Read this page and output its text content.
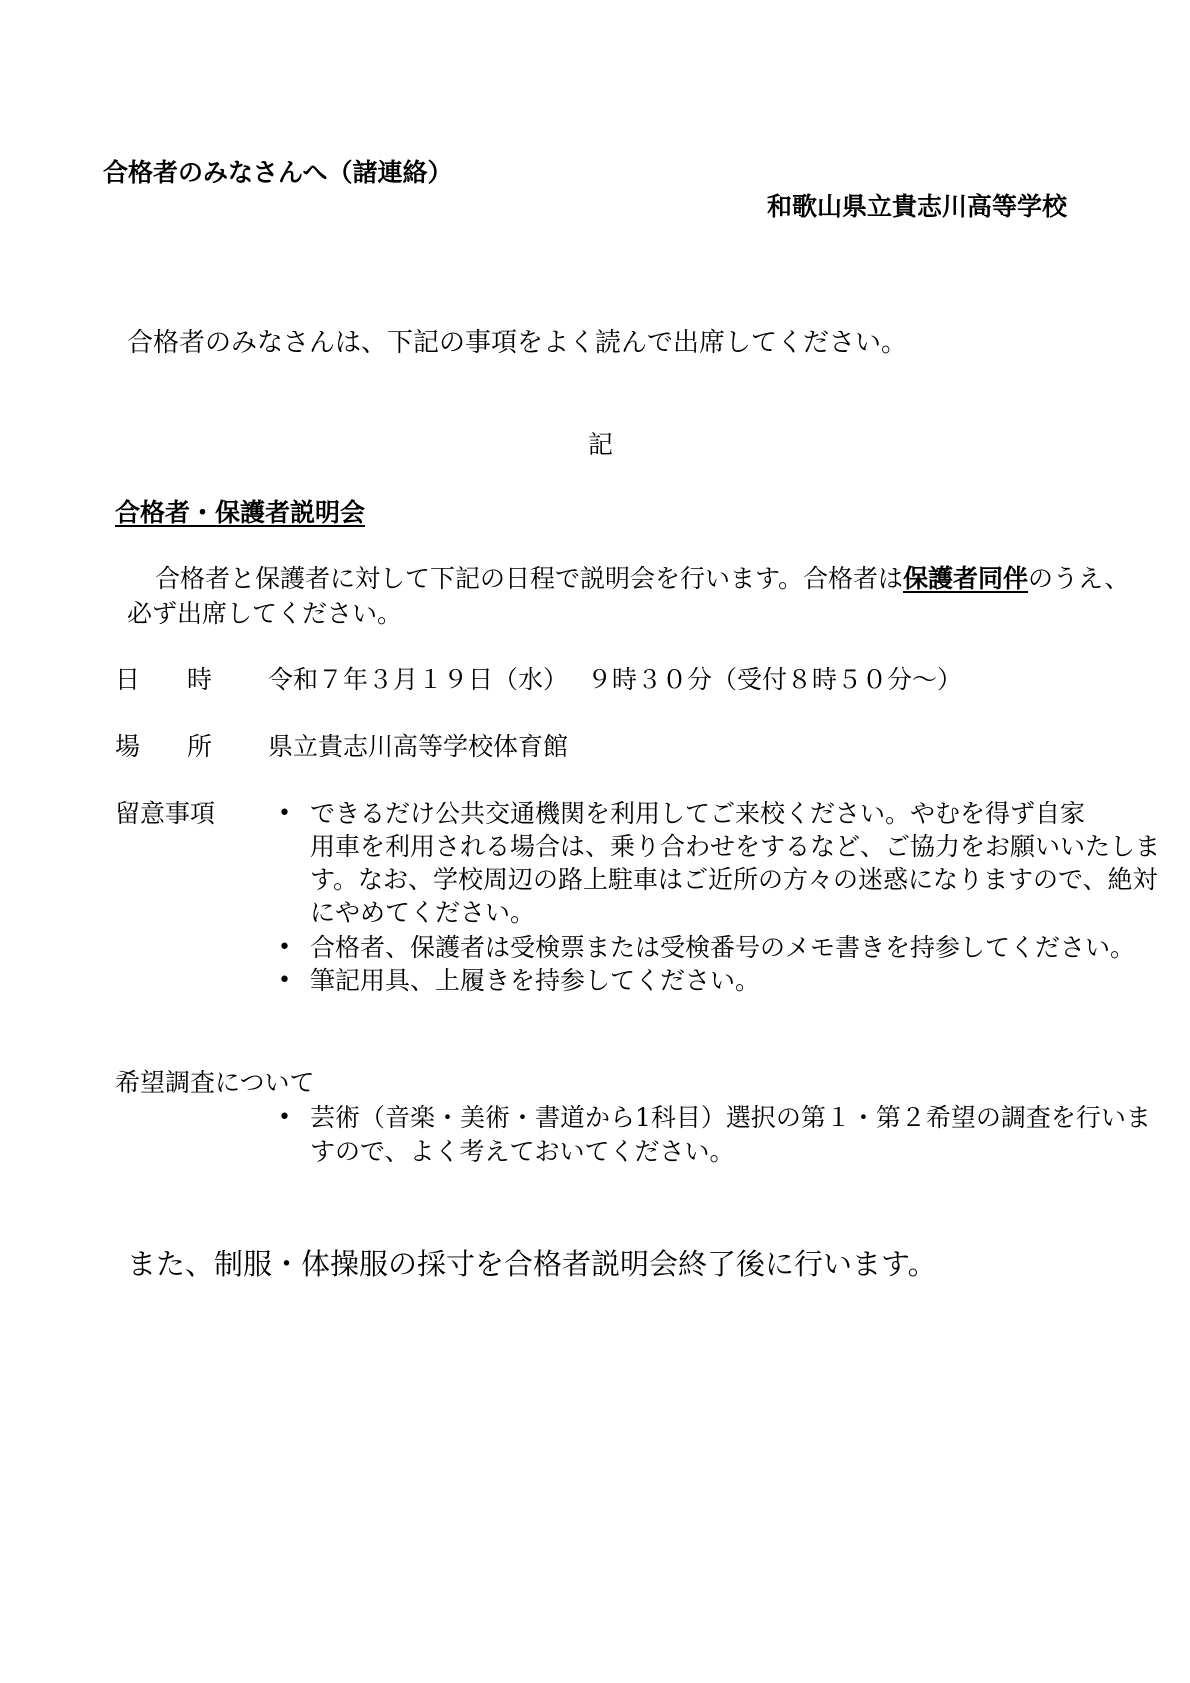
合格者のみなさんへ（諸連絡）
和歌山県立貴志川高等学校
合格者のみなさんは、下記の事項をよく読んで出席してください。
記
合格者・保護者説明会
合格者と保護者に対して下記の日程で説明会を行います。合格者は保護者同伴のうえ、
必ず出席してください。
日 時 令和７年３月１９日（水） ９時３０分（受付８時５０分～）
場 所 県立貴志川高等学校体育館
留意事項	• できるだけ公共交通機関を利用してご来校ください。やむを得ず自家
用車を利用される場合は、乗り合わせをするなど、ご協力をお願いいたしま
す。なお、学校周辺の路上駐車はご近所の方々の迷惑になりますので、絶対
にやめてください。
• 合格者、保護者は受検票または受検番号のメモ書きを持参してください。
• 筆記用具、上履きを持参してください。
希望調査について
• 芸術（音楽・美術・書道から1科目）選択の第１・第２希望の調査を行いま
すので、よく考えておいてください。
また、制服・体操服の採寸を合格者説明会終了後に行います。
